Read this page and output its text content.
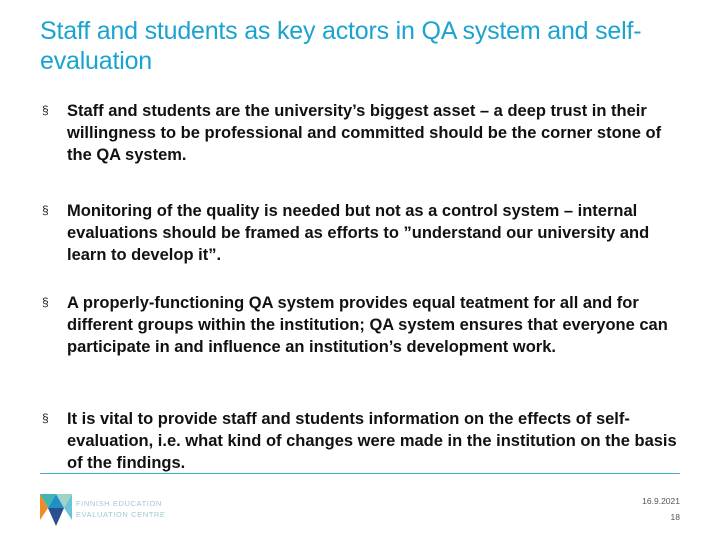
Staff and students as key actors in QA system and self-evaluation
§ Staff and students are the university’s biggest asset – a deep trust in their willingness to be professional and committed should be the corner stone of the QA system.
§ Monitoring of the quality is needed but not as a control system – internal evaluations should be framed as efforts to ”understand our university and learn to develop it”.
§ A properly-functioning QA system provides equal teatment for all and for different groups within the institution; QA system ensures that everyone can participate in and influence an institution’s development work.
§ It is vital to provide staff and students information on the effects of self-evaluation, i.e. what kind of changes were made in the institution on the basis of the findings.
FINNISH EDUCATION
EVALUATION CENTRE
16.9.2021
18
